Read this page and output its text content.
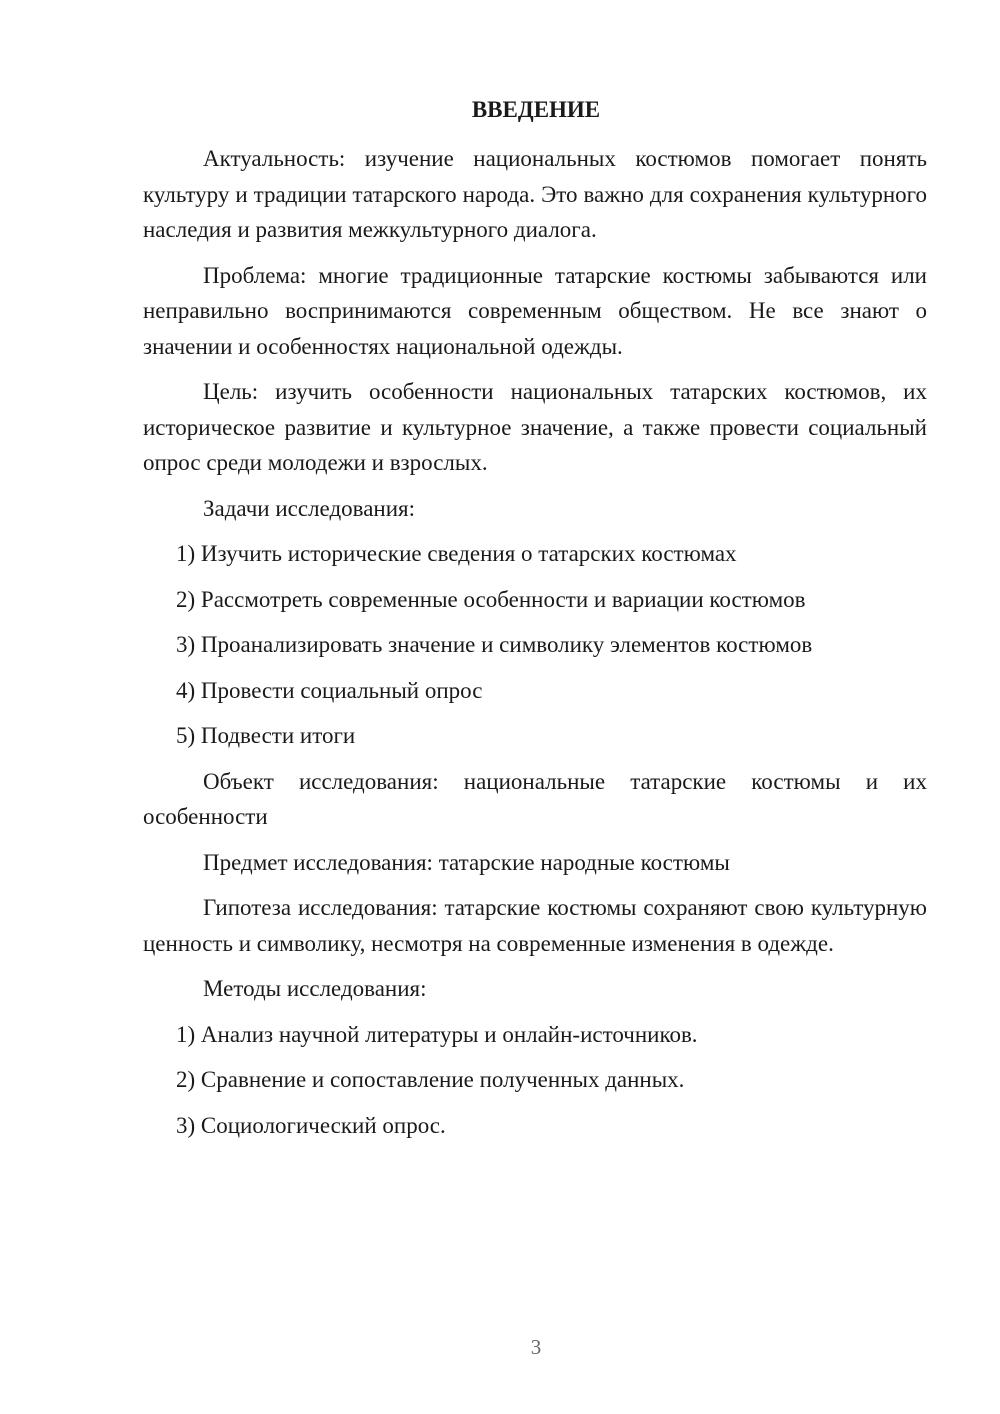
ВВЕДЕНИЕ

Актуальность: изучение национальных костюмов помогает понять культуру и традиции татарского народа. Это важно для сохранения культурного наследия и развития межкультурного диалога.

Проблема: многие традиционные татарские костюмы забываются или неправильно воспринимаются современным обществом. Не все знают о значении и особенностях национальной одежды.

Цель: изучить особенности национальных татарских костюмов, их историческое развитие и культурное значение, а также провести социальный опрос среди молодежи и взрослых.

Задачи исследования:
1) Изучить исторические сведения о татарских костюмах
2) Рассмотреть современные особенности и вариации костюмов
3) Проанализировать значение и символику элементов костюмов
4) Провести социальный опрос
5) Подвести итоги

Объект исследования: национальные татарские костюмы и их особенности

Предмет исследования: татарские народные костюмы

Гипотеза исследования: татарские костюмы сохраняют свою культурную ценность и символику, несмотря на современные изменения в одежде.

Методы исследования:
1) Анализ научной литературы и онлайн-источников.
2) Сравнение и сопоставление полученных данных.
3) Социологический опрос.
3
